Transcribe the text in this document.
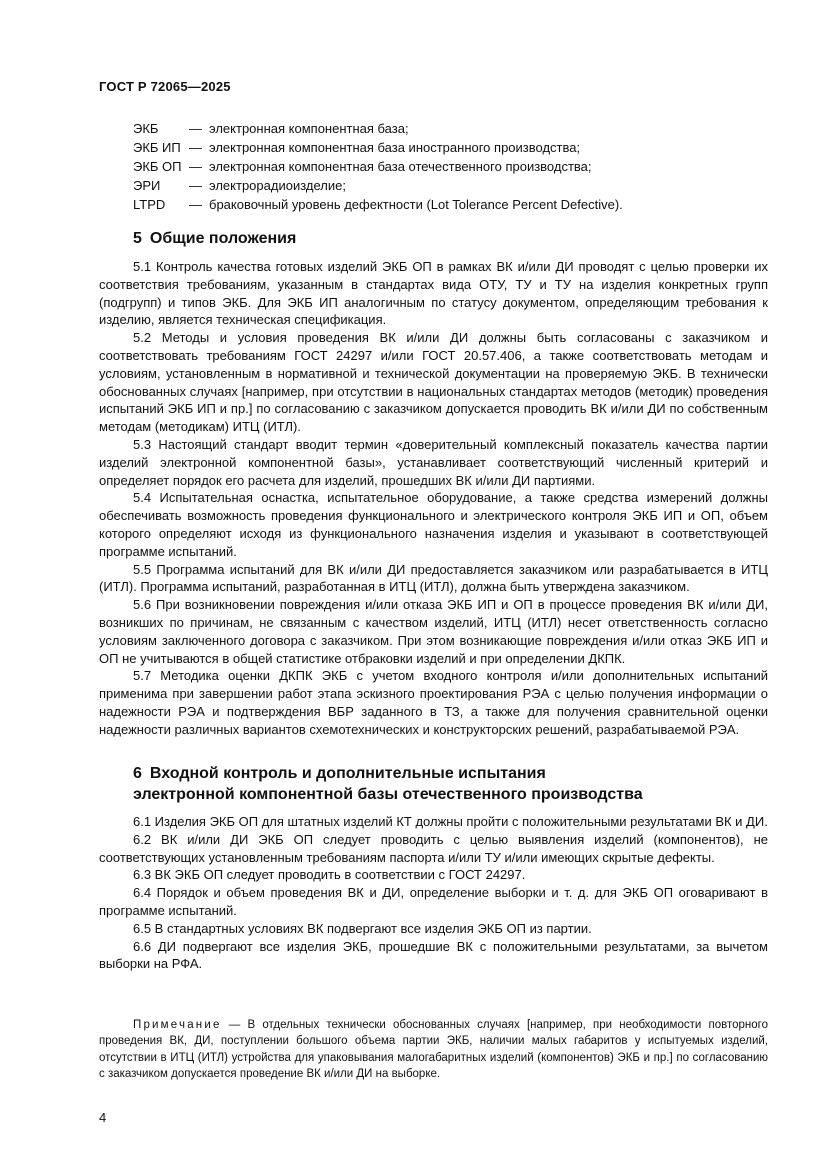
ГОСТ Р 72065—2025
ЭКБ	— электронная компонентная база;
ЭКБ ИП — электронная компонентная база иностранного производства;
ЭКБ ОП — электронная компонентная база отечественного производства;
ЭРИ	— электрорадиоизделие;
LTPD	— браковочный уровень дефектности (Lot Tolerance Percent Defective).
5 Общие положения

5.1 Контроль качества готовых изделий ЭКБ ОП в рамках ВК и/или ДИ проводят с целью проверки их соответствия требованиям, указанным в стандартах вида ОТУ, ТУ и ТУ на изделия конкретных групп (подгрупп) и типов ЭКБ. Для ЭКБ ИП аналогичным по статусу документом, определяющим требования к изделию, является техническая спецификация.

5.2 Методы и условия проведения ВК и/или ДИ должны быть согласованы с заказчиком и соответствовать требованиям ГОСТ 24297 и/или ГОСТ 20.57.406, а также соответствовать методам и условиям, установленным в нормативной и технической документации на проверяемую ЭКБ. В технически обоснованных случаях [например, при отсутствии в национальных стандартах методов (методик) проведения испытаний ЭКБ ИП и пр.] по согласованию с заказчиком допускается проводить ВК и/или ДИ по собственным методам (методикам) ИТЦ (ИТЛ).

5.3 Настоящий стандарт вводит термин «доверительный комплексный показатель качества партии изделий электронной компонентной базы», устанавливает соответствующий численный критерий и определяет порядок его расчета для изделий, прошедших ВК и/или ДИ партиями.

5.4 Испытательная оснастка, испытательное оборудование, а также средства измерений должны обеспечивать возможность проведения функционального и электрического контроля ЭКБ ИП и ОП, объем которого определяют исходя из функционального назначения изделия и указывают в соответствующей программе испытаний.

5.5 Программа испытаний для ВК и/или ДИ предоставляется заказчиком или разрабатывается в ИТЦ (ИТЛ). Программа испытаний, разработанная в ИТЦ (ИТЛ), должна быть утверждена заказчиком.

5.6 При возникновении повреждения и/или отказа ЭКБ ИП и ОП в процессе проведения ВК и/или ДИ, возникших по причинам, не связанным с качеством изделий, ИТЦ (ИТЛ) несет ответственность согласно условиям заключенного договора с заказчиком. При этом возникающие повреждения и/или отказ ЭКБ ИП и ОП не учитываются в общей статистике отбраковки изделий и при определении ДКПК.

5.7 Методика оценки ДКПК ЭКБ с учетом входного контроля и/или дополнительных испытаний применима при завершении работ этапа эскизного проектирования РЭА с целью получения информации о надежности РЭА и подтверждения ВБР заданного в ТЗ, а также для получения сравнительной оценки надежности различных вариантов схемотехнических и конструкторских решений, разрабатываемой РЭА.

6 Входной контроль и дополнительные испытания
электронной компонентной базы отечественного производства

6.1 Изделия ЭКБ ОП для штатных изделий КТ должны пройти с положительными результатами ВК и ДИ.

6.2 ВК и/или ДИ ЭКБ ОП следует проводить с целью выявления изделий (компонентов), не соответствующих установленным требованиям паспорта и/или ТУ и/или имеющих скрытые дефекты.

6.3 ВК ЭКБ ОП следует проводить в соответствии с ГОСТ 24297.

6.4 Порядок и объем проведения ВК и ДИ, определение выборки и т. д. для ЭКБ ОП оговаривают в программе испытаний.

6.5 В стандартных условиях ВК подвергают все изделия ЭКБ ОП из партии.

6.6 ДИ подвергают все изделия ЭКБ, прошедшие ВК с положительными результатами, за вычетом выборки на РФА.

Примечание — В отдельных технически обоснованных случаях [например, при необходимости повторного проведения ВК, ДИ, поступлении большого объема партии ЭКБ, наличии малых габаритов у испытуемых изделий, отсутствии в ИТЦ (ИТЛ) устройства для упаковывания малогабаритных изделий (компонентов) ЭКБ и пр.] по согласованию с заказчиком допускается проведение ВК и/или ДИ на выборке.
4
